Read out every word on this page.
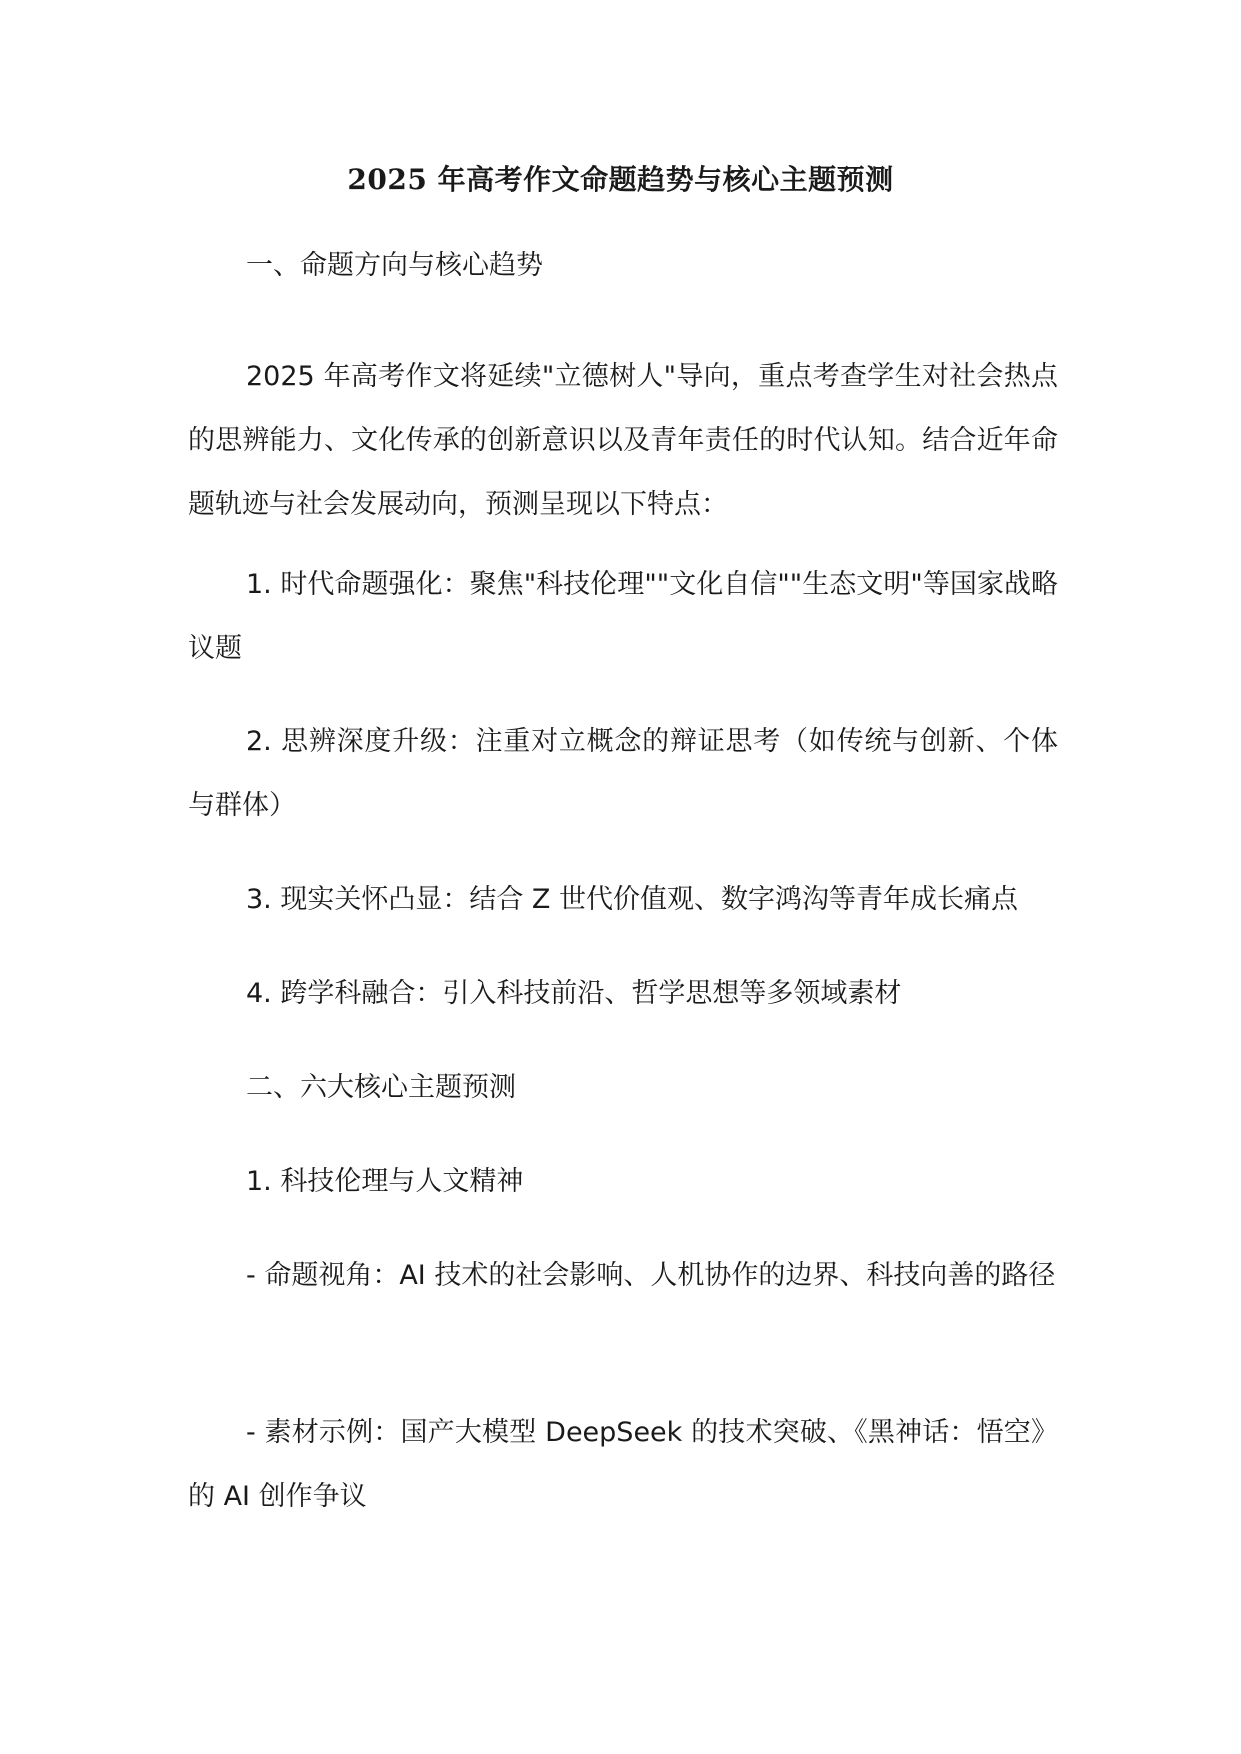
2025 年高考作文命题趋势与核心主题预测

一、命题方向与核心趋势

2025 年高考作文将延续"立德树人"导向，重点考查学生对社会热点的思辨能力、文化传承的创新意识以及青年责任的时代认知。结合近年命题轨迹与社会发展动向，预测呈现以下特点：

1. 时代命题强化：聚焦"科技伦理""文化自信""生态文明"等国家战略议题

2. 思辨深度升级：注重对立概念的辩证思考（如传统与创新、个体与群体）

3. 现实关怀凸显：结合 Z 世代价值观、数字鸿沟等青年成长痛点

4. 跨学科融合：引入科技前沿、哲学思想等多领域素材

二、六大核心主题预测

1. 科技伦理与人文精神

- 命题视角：AI 技术的社会影响、人机协作的边界、科技向善的路径

- 素材示例：国产大模型 DeepSeek 的技术突破、《黑神话：悟空》的 AI 创作争议
